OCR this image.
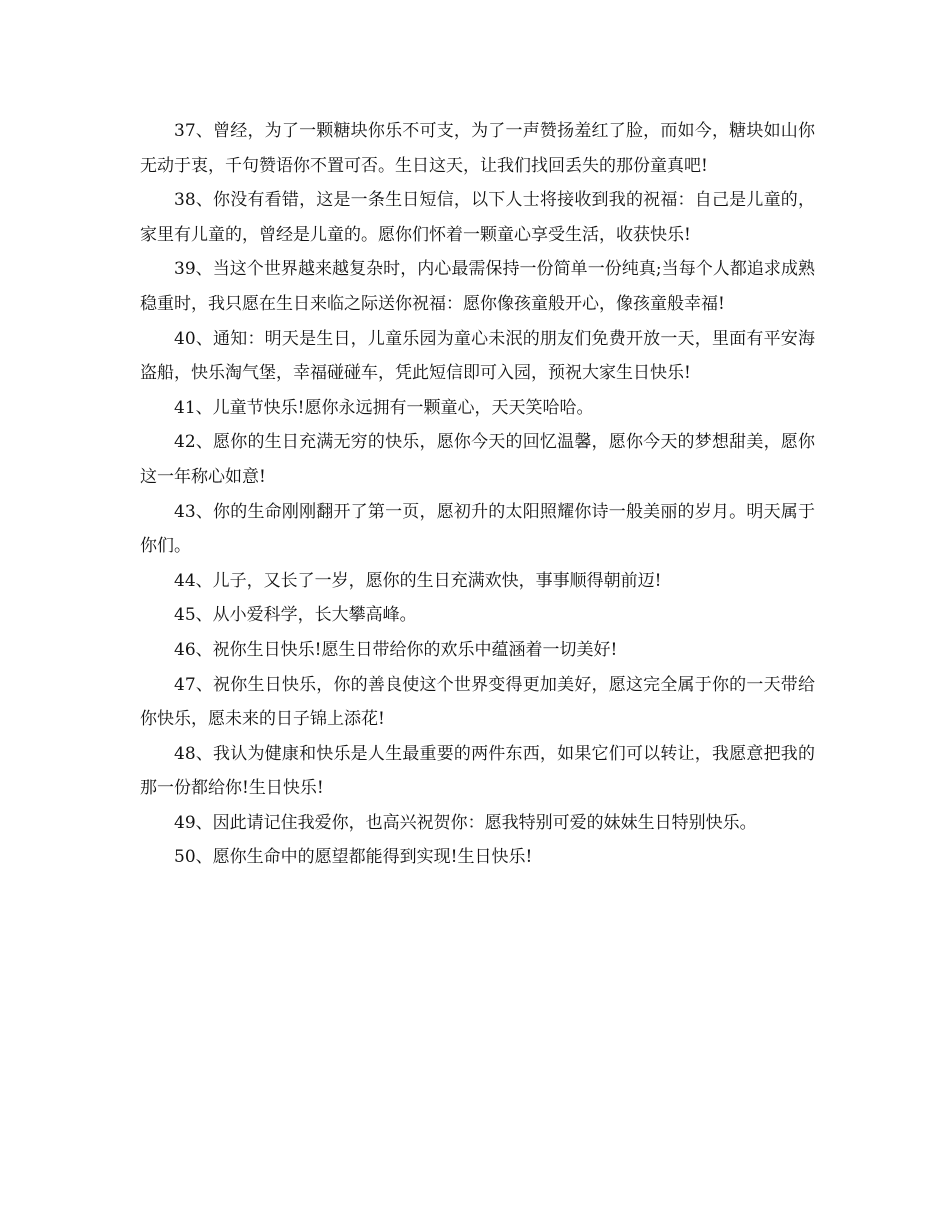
37、曾经，为了一颗糖块你乐不可支，为了一声赞扬羞红了脸，而如今，糖块如山你无动于衷，千句赞语你不置可否。生日这天，让我们找回丢失的那份童真吧!

38、你没有看错，这是一条生日短信，以下人士将接收到我的祝福：自己是儿童的，家里有儿童的，曾经是儿童的。愿你们怀着一颗童心享受生活，收获快乐!

39、当这个世界越来越复杂时，内心最需保持一份简单一份纯真;当每个人都追求成熟稳重时，我只愿在生日来临之际送你祝福：愿你像孩童般开心，像孩童般幸福!

40、通知：明天是生日，儿童乐园为童心未泯的朋友们免费开放一天，里面有平安海盗船，快乐淘气堡，幸福碰碰车，凭此短信即可入园，预祝大家生日快乐!

41、儿童节快乐!愿你永远拥有一颗童心，天天笑哈哈。

42、愿你的生日充满无穷的快乐，愿你今天的回忆温馨，愿你今天的梦想甜美，愿你这一年称心如意!

43、你的生命刚刚翻开了第一页，愿初升的太阳照耀你诗一般美丽的岁月。明天属于你们。

44、儿子，又长了一岁，愿你的生日充满欢快，事事顺得朝前迈!

45、从小爱科学，长大攀高峰。

46、祝你生日快乐!愿生日带给你的欢乐中蕴涵着一切美好!

47、祝你生日快乐，你的善良使这个世界变得更加美好，愿这完全属于你的一天带给你快乐，愿未来的日子锦上添花!

48、我认为健康和快乐是人生最重要的两件东西，如果它们可以转让，我愿意把我的那一份都给你!生日快乐!

49、因此请记住我爱你，也高兴祝贺你：愿我特别可爱的妹妹生日特别快乐。

50、愿你生命中的愿望都能得到实现!生日快乐!
